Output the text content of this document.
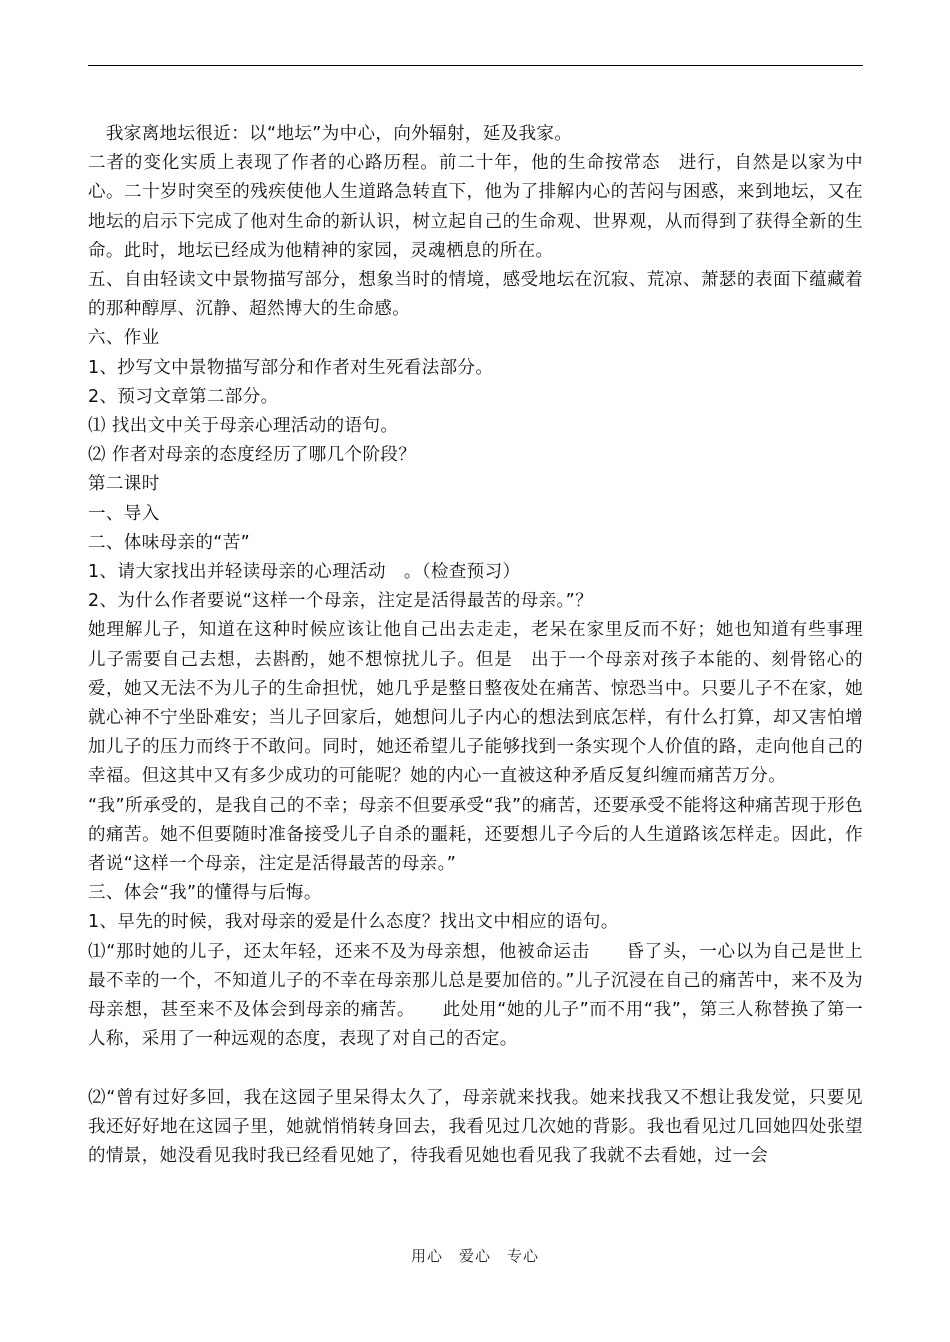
　我家离地坛很近：以“地坛”为中心，向外辐射，延及我家。

二者的变化实质上表现了作者的心路历程。前二十年，他的生命按常态　进行，自然是以家为中心。二十岁时突至的残疾使他人生道路急转直下，他为了排解内心的苦闷与困惑，来到地坛，又在地坛的启示下完成了他对生命的新认识，树立起自己的生命观、世界观，从而得到了获得全新的生命。此时，地坛已经成为他精神的家园，灵魂栖息的所在。

五、自由轻读文中景物描写部分，想象当时的情境，感受地坛在沉寂、荒凉、萧瑟的表面下蕴藏着的那种醇厚、沉静、超然博大的生命感。

六、作业

1、抄写文中景物描写部分和作者对生死看法部分。

2、预习文章第二部分。

⑴ 找出文中关于母亲心理活动的语句。

⑵ 作者对母亲的态度经历了哪几个阶段？

第二课时

一、导入

二、体味母亲的“苦”

1、请大家找出并轻读母亲的心理活动　。（检查预习）

2、为什么作者要说“这样一个母亲，注定是活得最苦的母亲。”？

她理解儿子，知道在这种时候应该让他自己出去走走，老呆在家里反而不好；她也知道有些事理　儿子需要自己去想，去斟酌，她不想惊扰儿子。但是　出于一个母亲对孩子本能的、刻骨铭心的爱，她又无法不为儿子的生命担忧，她几乎是整日整夜处在痛苦、惊恐当中。只要儿子不在家，她就心神不宁坐卧难安；当儿子回家后，她想问儿子内心的想法到底怎样，有什么打算，却又害怕增加儿子的压力而终于不敢问。同时，她还希望儿子能够找到一条实现个人价值的路，走向他自己的幸福。但这其中又有多少成功的可能呢？她的内心一直被这种矛盾反复纠缠而痛苦万分。

“我”所承受的，是我自己的不幸；母亲不但要承受“我”的痛苦，还要承受不能将这种痛苦现于形色的痛苦。她不但要随时准备接受儿子自杀的噩耗，还要想儿子今后的人生道路该怎样走。因此，作者说“这样一个母亲，注定是活得最苦的母亲。”

三、体会“我”的懂得与后悔。

1、早先的时候，我对母亲的爱是什么态度？找出文中相应的语句。

⑴“那时她的儿子，还太年轻，还来不及为母亲想，他被命运击　　昏了头，一心以为自己是世上最不幸的一个，不知道儿子的不幸在母亲那儿总是要加倍的。”儿子沉浸在自己的痛苦中，来不及为母亲想，甚至来不及体会到母亲的痛苦。　　此处用“她的儿子”而不用“我”，第三人称替换了第一人称，采用了一种远观的态度，表现了对自己的否定。

⑵“曾有过好多回，我在这园子里呆得太久了，母亲就来找我。她来找我又不想让我发觉，只要见我还好好地在这园子里，她就悄悄转身回去，我看见过几次她的背影。我也看见过几回她四处张望的情景，她没看见我时我已经看见她了，待我看见她也看见我了我就不去看她，过一会

用心　爱心　专心
